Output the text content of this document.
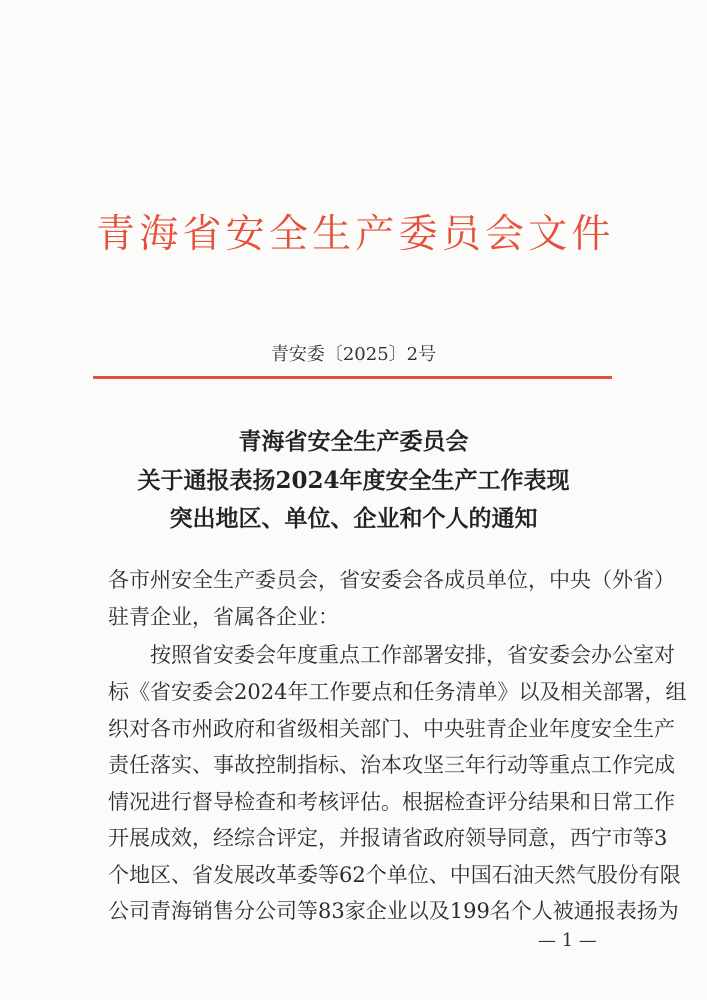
青海省安全生产委员会文件
青安委〔2025〕2号
青海省安全生产委员会
关于通报表扬2024年度安全生产工作表现
突出地区、单位、企业和个人的通知
各市州安全生产委员会，省安委会各成员单位，中央（外省）
驻青企业，省属各企业：
按照省安委会年度重点工作部署安排，省安委会办公室对
标《省安委会2024年工作要点和任务清单》以及相关部署，组
织对各市州政府和省级相关部门、中央驻青企业年度安全生产
责任落实、事故控制指标、治本攻坚三年行动等重点工作完成
情况进行督导检查和考核评估。根据检查评分结果和日常工作
开展成效，经综合评定，并报请省政府领导同意，西宁市等3
个地区、省发展改革委等62个单位、中国石油天然气股份有限
公司青海销售分公司等83家企业以及199名个人被通报表扬为
— 1 —
